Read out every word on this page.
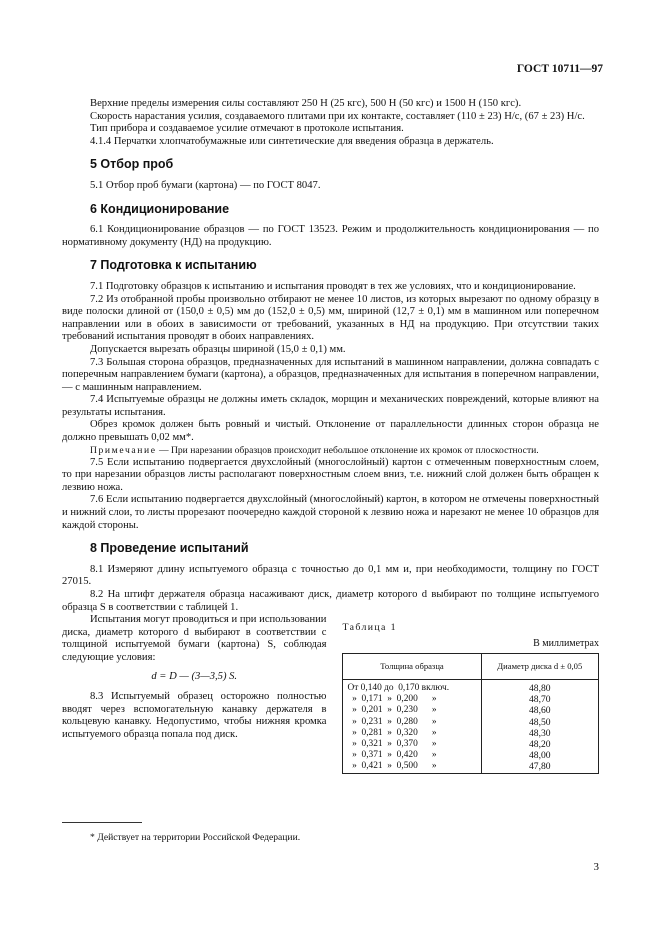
ГОСТ 10711—97

Верхние пределы измерения силы составляют 250 Н (25 кгс), 500 Н (50 кгс) и 1500 Н (150 кгс).

Скорость нарастания усилия, создаваемого плитами при их контакте, составляет (110 ± 23) Н/с, (67 ± 23) Н/с.

Тип прибора и создаваемое усилие отмечают в протоколе испытания.

4.1.4 Перчатки хлопчатобумажные или синтетические для введения образца в держатель.

5 Отбор проб

5.1 Отбор проб бумаги (картона) — по ГОСТ 8047.

6 Кондиционирование

6.1 Кондиционирование образцов — по ГОСТ 13523. Режим и продолжительность кондиционирования — по нормативному документу (НД) на продукцию.

7 Подготовка к испытанию

7.1 Подготовку образцов к испытанию и испытания проводят в тех же условиях, что и кондиционирование.

7.2 Из отобранной пробы произвольно отбирают не менее 10 листов, из которых вырезают по одному образцу в виде полоски длиной от (150,0 ± 0,5) мм до (152,0 ± 0,5) мм, шириной (12,7 ± 0,1) мм в машинном или поперечном направлении или в обоих в зависимости от требований, указанных в НД на продукцию. При отсутствии таких требований испытания проводят в обоих направлениях.

Допускается вырезать образцы шириной (15,0 ± 0,1) мм.

7.3 Большая сторона образцов, предназначенных для испытаний в машинном направлении, должна совпадать с поперечным направлением бумаги (картона), а образцов, предназначенных для испытания в поперечном направлении, — с машинным направлением.

7.4 Испытуемые образцы не должны иметь складок, морщин и механических повреждений, которые влияют на результаты испытания.

Обрез кромок должен быть ровный и чистый. Отклонение от параллельности длинных сторон образца не должно превышать 0,02 мм*.

Примечание — При нарезании образцов происходит небольшое отклонение их кромок от плоскостности.

7.5 Если испытанию подвергается двухслойный (многослойный) картон с отмеченным поверхностным слоем, то при нарезании образцов листы располагают поверхностным слоем вниз, т.е. нижний слой должен быть обращен к лезвию ножа.

7.6 Если испытанию подвергается двухслойный (многослойный) картон, в котором не отмечены поверхностный и нижний слои, то листы прорезают поочередно каждой стороной к лезвию ножа и нарезают не менее 10 образцов для каждой стороны.

8 Проведение испытаний

8.1 Измеряют длину испытуемого образца с точностью до 0,1 мм и, при необходимости, толщину по ГОСТ 27015.

8.2 На штифт держателя образца насаживают диск, диаметр которого d выбирают по толщине испытуемого образца S в соответствии с таблицей 1.

Испытания могут проводиться и при использовании диска, диаметр которого d выбирают в соответствии с толщиной испытуемой бумаги (картона) S, соблюдая следующие условия:

d = D — (3—3,5) S.

8.3 Испытуемый образец осторожно полностью вводят через вспомогательную канавку держателя в кольцевую канавку. Недопустимо, чтобы нижняя кромка испытуемого образца попала под диск.

Таблица 1
В миллиметрах
Толщина образца	Диаметр диска d ± 0,05
От 0,140 до  0,170 включ.	48,80
»  0,171  »  0,200      »	48,70
»  0,201  »  0,230      »	48,60
»  0,231  »  0,280      »	48,50
»  0,281  »  0,320      »	48,30
»  0,321  »  0,370      »	48,20
»  0,371  »  0,420      »	48,00
»  0,421  »  0,500      »	47,80
* Действует на территории Российской Федерации.
3
